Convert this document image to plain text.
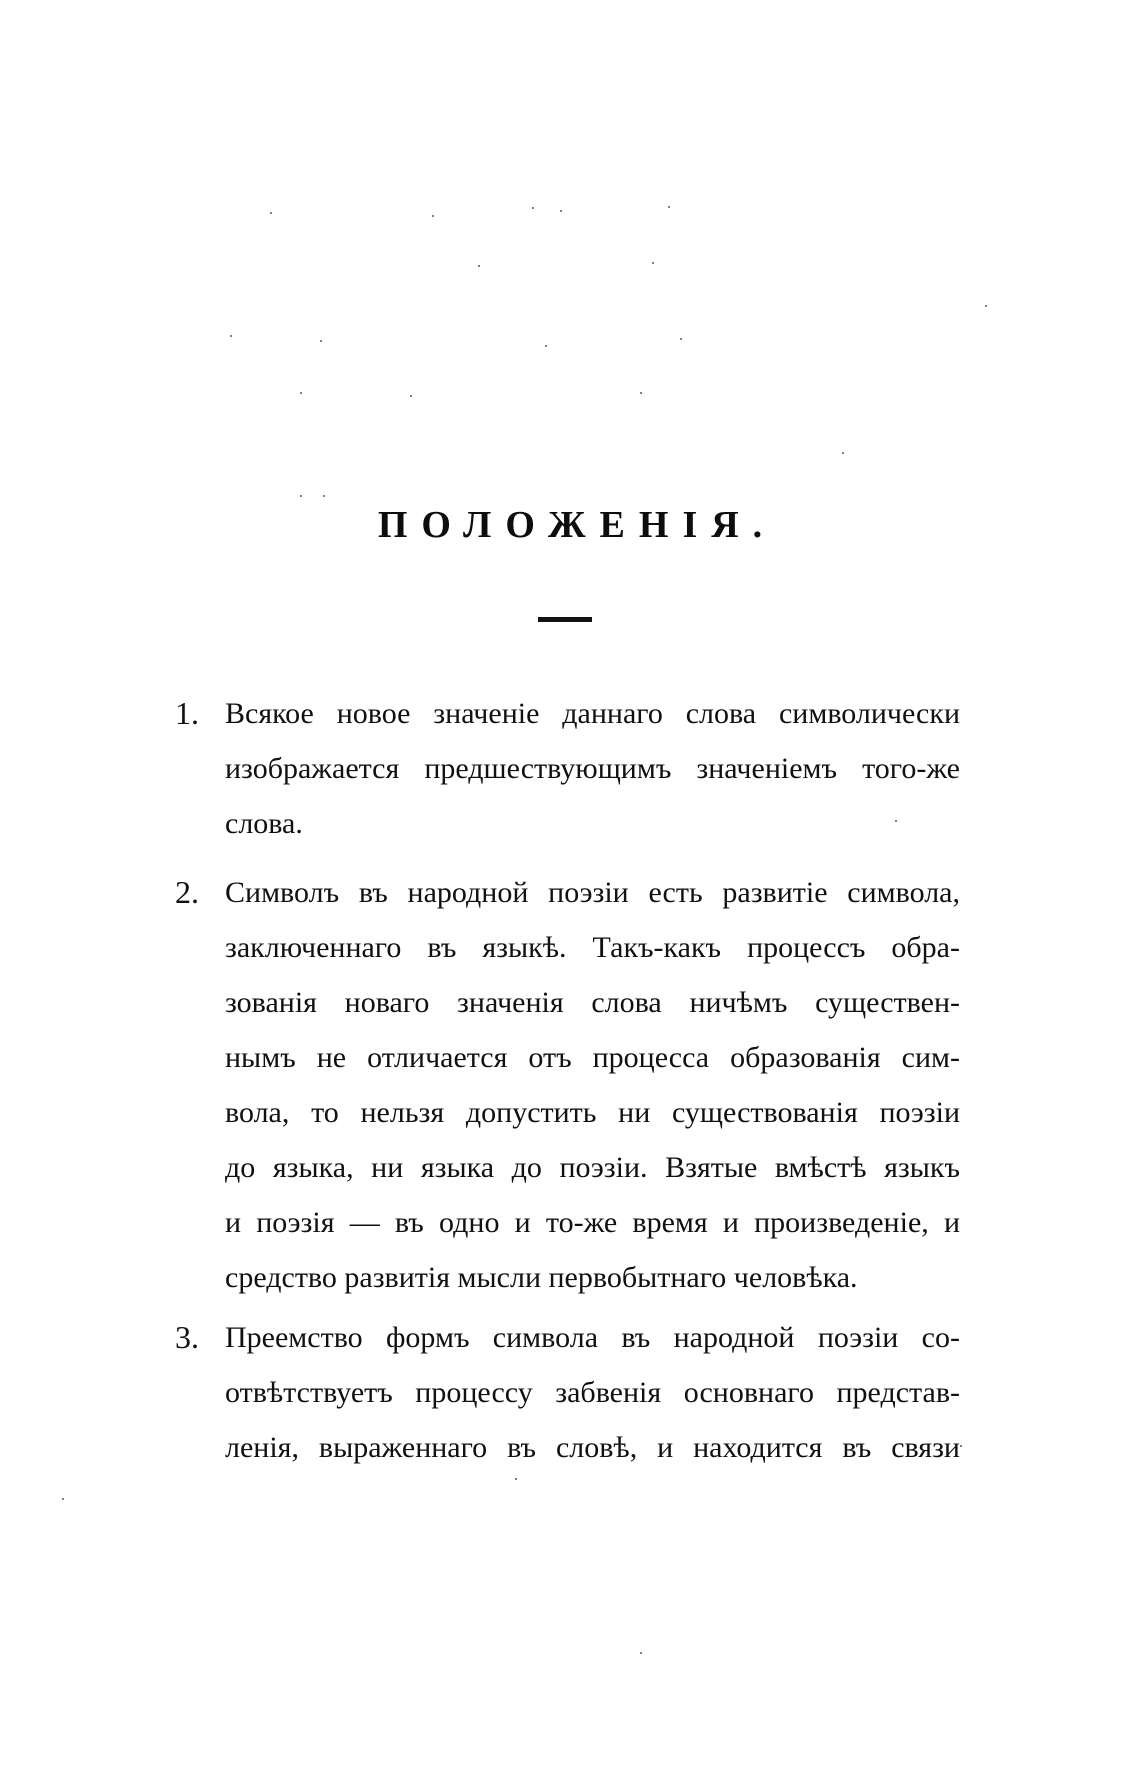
ПОЛОЖЕНІЯ.
1. Всякое новое значеніе даннаго слова символически
изображается предшествующимъ значеніемъ того-же
слова.
2. Символъ въ народной поэзіи есть развитіе символа,
заключеннаго въ языкѣ. Такъ-какъ процессъ обра-
зованія новаго значенія слова ничѣмъ существен-
нымъ не отличается отъ процесса образованія сим-
вола, то нельзя допустить ни существованія поэзіи
до языка, ни языка до поэзіи. Взятые вмѣстѣ языкъ
и поэзія — въ одно и то-же время и произведеніе, и
средство развитія мысли первобытнаго человѣка.
3. Преемство формъ символа въ народной поэзіи со-
отвѣтствуетъ процессу забвенія основнаго представ-
ленія, выраженнаго въ словѣ, и находится въ связи
